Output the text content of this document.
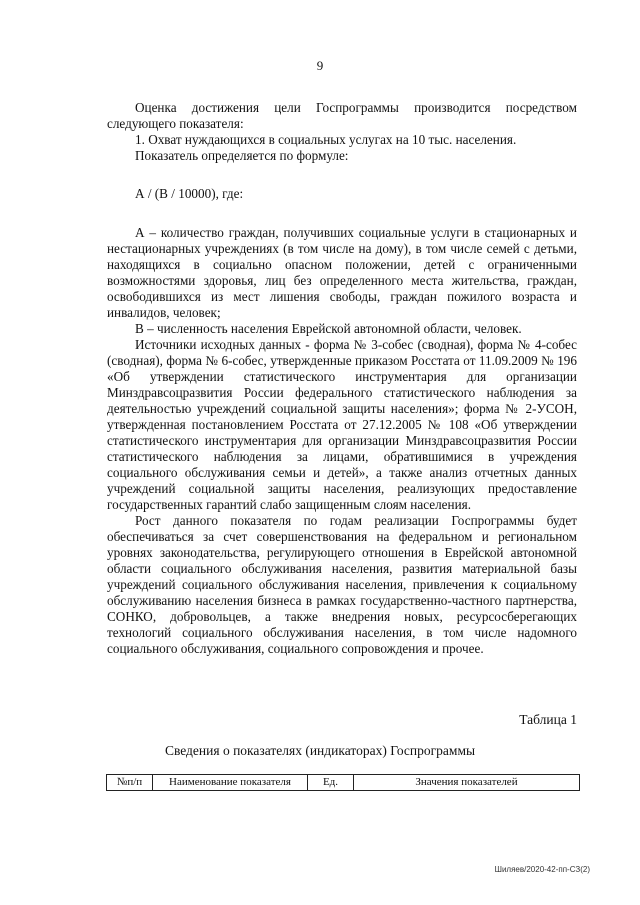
9

Оценка достижения цели Госпрограммы производится посредством следующего показателя:

1. Охват нуждающихся в социальных услугах на 10 тыс. населения.

Показатель определяется по формуле:

А / (В / 10000), где:

А – количество граждан, получивших социальные услуги в стационарных и нестационарных учреждениях (в том числе на дому), в том числе семей с детьми, находящихся в социально опасном положении, детей с ограниченными возможностями здоровья, лиц без определенного места жительства, граждан, освободившихся из мест лишения свободы, граждан пожилого возраста и инвалидов, человек;

В – численность населения Еврейской автономной области, человек.

Источники исходных данных - форма № 3-собес (сводная), форма № 4-собес (сводная), форма № 6-собес, утвержденные приказом Росстата от 11.09.2009 № 196 «Об утверждении статистического инструментария для организации Минздравсоцразвития России федерального статистического наблюдения за деятельностью учреждений социальной защиты населения»; форма № 2-УСОН, утвержденная постановлением Росстата от 27.12.2005 № 108 «Об утверждении статистического инструментария для организации Минздравсоцразвития России статистического наблюдения за лицами, обратившимися в учреждения социального обслуживания семьи и детей», а также анализ отчетных данных учреждений социальной защиты населения, реализующих предоставление государственных гарантий слабо защищенным слоям населения.

Рост данного показателя по годам реализации Госпрограммы будет обеспечиваться за счет совершенствования на федеральном и региональном уровнях законодательства, регулирующего отношения в Еврейской автономной области социального обслуживания населения, развития материальной базы учреждений социального обслуживания населения, привлечения к социальному обслуживанию населения бизнеса в рамках государственно-частного партнерства, СОНКО, добровольцев, а также внедрения новых, ресурсосберегающих технологий социального обслуживания населения, в том числе надомного социального обслуживания, социального сопровождения и прочее.

Таблица 1
Сведения о показателях (индикаторах) Госпрограммы
№п/п	Наименование показателя	Ед.	Значения показателей
Шиляев/2020-42-пп-СЗ(2)
